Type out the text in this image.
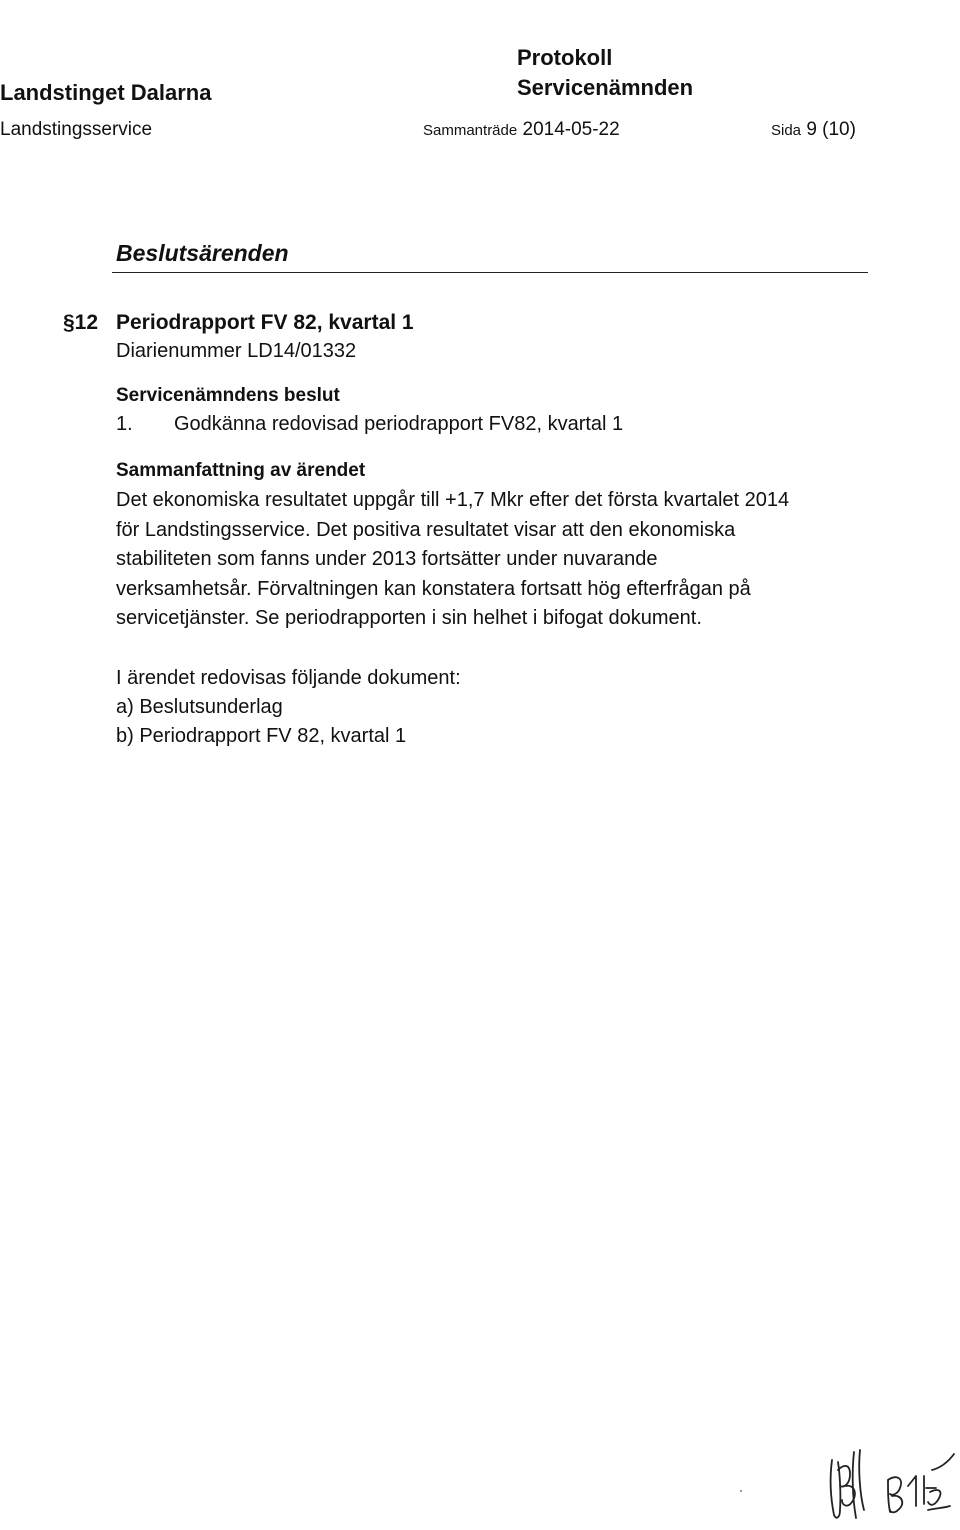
Landstinget Dalarna
Landstingsservice
Protokoll
Servicenämnden
Sammanträde 2014-05-22	Sida 9 (10)
Beslutsärenden
§12 Periodrapport FV 82, kvartal 1
Diarienummer LD14/01332
Servicenämndens beslut
1. Godkänna redovisad periodrapport FV82, kvartal 1
Sammanfattning av ärendet
Det ekonomiska resultatet uppgår till +1,7 Mkr efter det första kvartalet 2014
för Landstingsservice. Det positiva resultatet visar att den ekonomiska
stabiliteten som fanns under 2013 fortsätter under nuvarande
verksamhetsår. Förvaltningen kan konstatera fortsatt hög efterfrågan på
servicetjänster. Se periodrapporten i sin helhet i bifogat dokument.
I ärendet redovisas följande dokument:
a) Beslutsunderlag
b) Periodrapport FV 82, kvartal 1
